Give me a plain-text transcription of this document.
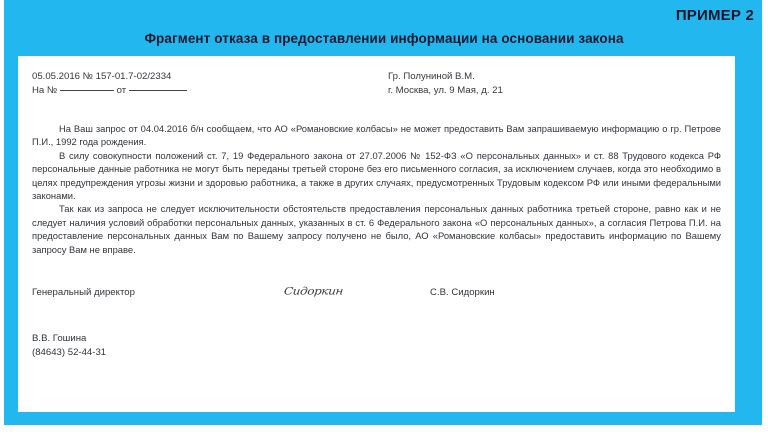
ПРИМЕР 2
Фрагмент отказа в предоставлении информации на основании закона
05.05.2016 № 157-01.7-02/2334
На №	от
Гр. Полуниной В.М.
г. Москва, ул. 9 Мая, д. 21

На Ваш запрос от 04.04.2016 б/н сообщаем, что АО «Романовские колбасы» не может предоставить Вам запрашиваемую информацию о гр. Петрове П.И., 1992 года рождения.

В силу совокупности положений ст. 7, 19 Федерального закона от 27.07.2006 № 152-ФЗ «О персональных данных» и ст. 88 Трудового кодекса РФ персональные данные работника не могут быть переданы третьей стороне без его письменного согласия, за исключением случаев, когда это необходимо в целях предупреждения угрозы жизни и здоровью работника, а также в других случаях, предусмотренных Трудовым кодексом РФ или иными федеральными законами.

Так как из запроса не следует исключительности обстоятельств предоставления персональных данных работника третьей стороне, равно как и не следует наличия условий обработки персональных данных, указанных в ст. 6 Федерального закона «О персональных данных», а согласия Петрова П.И. на предоставление персональных данных Вам по Вашему запросу получено не было, АО «Романовские колбасы» предоставить информацию по Вашему запросу Вам не вправе.

Генеральный директор	Сидоркин	С.В. Сидоркин
В.В. Гошина
(84643) 52-44-31
